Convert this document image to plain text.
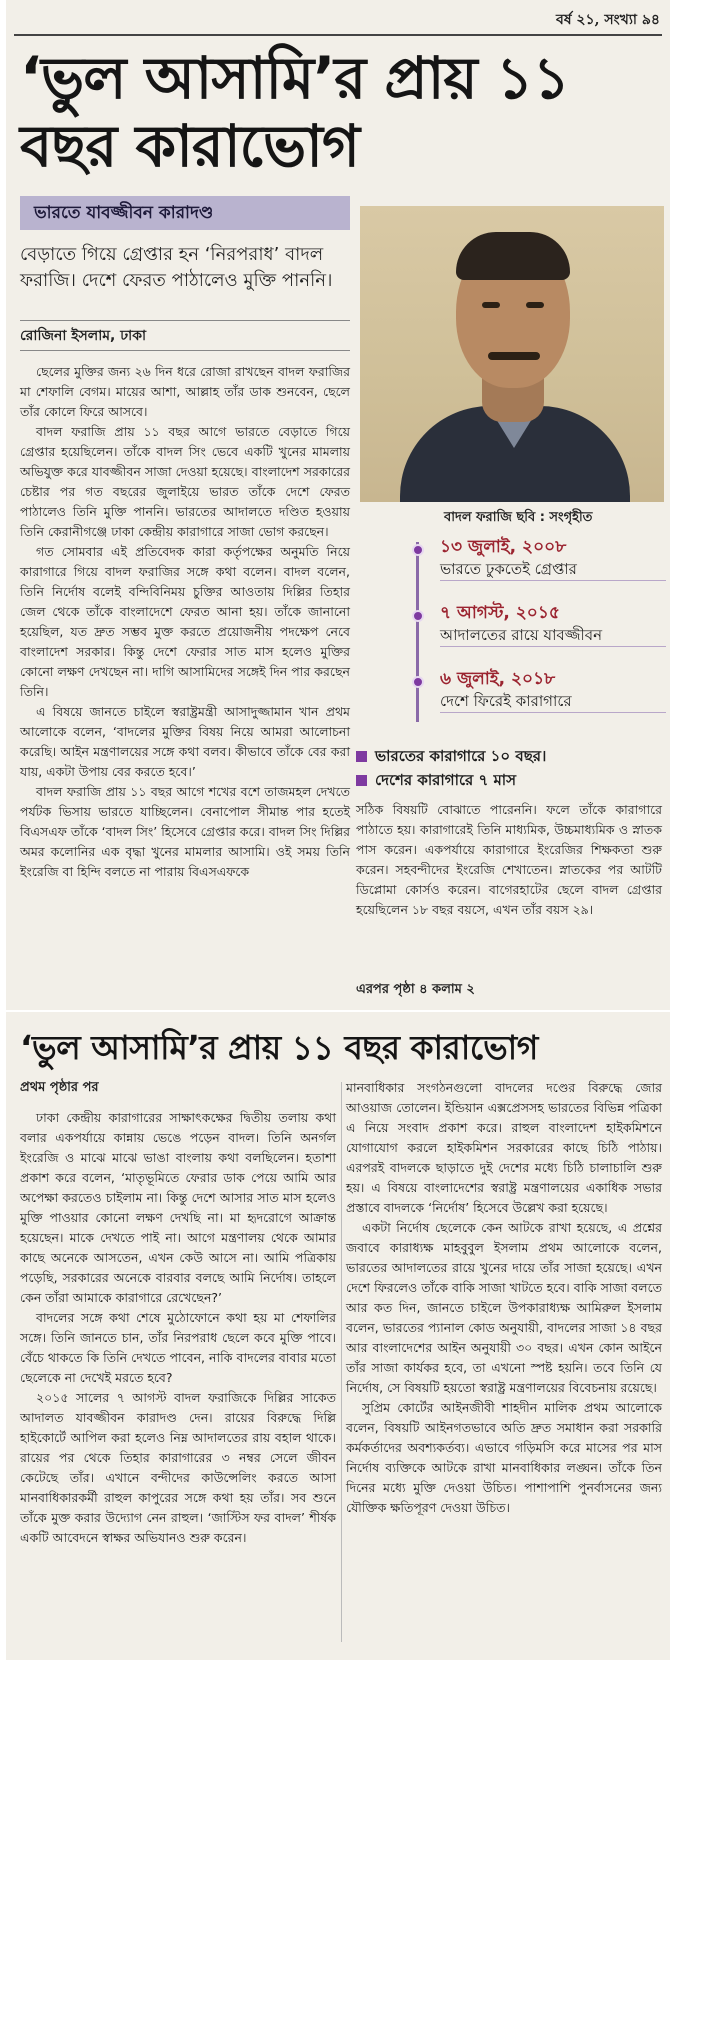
বর্ষ ২১, সংখ্যা ৯৪
‘ভুল আসামি’র প্রায় ১১ বছর কারাভোগ
ভারতে যাবজ্জীবন কারাদণ্ড
বেড়াতে গিয়ে গ্রেপ্তার হন ‘নিরপরাধ’ বাদল ফরাজি। দেশে ফেরত পাঠালেও মুক্তি পাননি।
রোজিনা ইসলাম, ঢাকা

ছেলের মুক্তির জন্য ২৬ দিন ধরে রোজা রাখছেন বাদল ফরাজির মা শেফালি বেগম। মায়ের আশা, আল্লাহ তাঁর ডাক শুনবেন, ছেলে তাঁর কোলে ফিরে আসবে।

বাদল ফরাজি প্রায় ১১ বছর আগে ভারতে বেড়াতে গিয়ে গ্রেপ্তার হয়েছিলেন। তাঁকে বাদল সিং ভেবে একটি খুনের মামলায় অভিযুক্ত করে যাবজ্জীবন সাজা দেওয়া হয়েছে। বাংলাদেশ সরকারের চেষ্টার পর গত বছরের জুলাইয়ে ভারত তাঁকে দেশে ফেরত পাঠালেও তিনি মুক্তি পাননি। ভারতের আদালতে দণ্ডিত হওয়ায় তিনি কেরানীগঞ্জে ঢাকা কেন্দ্রীয় কারাগারে সাজা ভোগ করছেন।

গত সোমবার এই প্রতিবেদক কারা কর্তৃপক্ষের অনুমতি নিয়ে কারাগারে গিয়ে বাদল ফরাজির সঙ্গে কথা বলেন। বাদল বলেন, তিনি নির্দোষ বলেই বন্দিবিনিময় চুক্তির আওতায় দিল্লির তিহার জেল থেকে তাঁকে বাংলাদেশে ফেরত আনা হয়। তাঁকে জানানো হয়েছিল, যত দ্রুত সম্ভব মুক্ত করতে প্রয়োজনীয় পদক্ষেপ নেবে বাংলাদেশ সরকার। কিন্তু দেশে ফেরার সাত মাস হলেও মুক্তির কোনো লক্ষণ দেখছেন না। দাগি আসামিদের সঙ্গেই দিন পার করছেন তিনি।

এ বিষয়ে জানতে চাইলে স্বরাষ্ট্রমন্ত্রী আসাদুজ্জামান খান প্রথম আলোকে বলেন, ‘বাদলের মুক্তির বিষয় নিয়ে আমরা আলোচনা করেছি। আইন মন্ত্রণালয়ের সঙ্গে কথা বলব। কীভাবে তাঁকে বের করা যায়, একটা উপায় বের করতে হবে।’

বাদল ফরাজি প্রায় ১১ বছর আগে শখের বশে তাজমহল দেখতে পর্যটক ভিসায় ভারতে যাচ্ছিলেন। বেনাপোল সীমান্ত পার হতেই বিএসএফ তাঁকে ‘বাদল সিং’ হিসেবে গ্রেপ্তার করে। বাদল সিং দিল্লির অমর কলোনির এক বৃদ্ধা খুনের মামলার আসামি। ওই সময় তিনি ইংরেজি বা হিন্দি বলতে না পারায় বিএসএফকে

বাদল ফরাজি ছবি : সংগৃহীত
১৩ জুলাই, ২০০৮
ভারতে ঢুকতেই গ্রেপ্তার
৭ আগস্ট, ২০১৫
আদালতের রায়ে যাবজ্জীবন
৬ জুলাই, ২০১৮
দেশে ফিরেই কারাগারে
ভারতের কারাগারে ১০ বছর।
দেশের কারাগারে ৭ মাস

সঠিক বিষয়টি বোঝাতে পারেননি। ফলে তাঁকে কারাগারে পাঠাতে হয়। কারাগারেই তিনি মাধ্যমিক, উচ্চমাধ্যমিক ও স্নাতক পাস করেন। একপর্যায়ে কারাগারে ইংরেজির শিক্ষকতা শুরু করেন। সহবন্দীদের ইংরেজি শেখাতেন। স্নাতকের পর আটটি ডিপ্লোমা কোর্সও করেন। বাগেরহাটের ছেলে বাদল গ্রেপ্তার হয়েছিলেন ১৮ বছর বয়সে, এখন তাঁর বয়স ২৯।

এরপর পৃষ্ঠা ৪ কলাম ২
‘ভুল আসামি’র প্রায় ১১ বছর কারাভোগ
প্রথম পৃষ্ঠার পর

ঢাকা কেন্দ্রীয় কারাগারের সাক্ষাৎকক্ষের দ্বিতীয় তলায় কথা বলার একপর্যায়ে কান্নায় ভেঙে পড়েন বাদল। তিনি অনর্গল ইংরেজি ও মাঝে মাঝে ভাঙা বাংলায় কথা বলছিলেন। হতাশা প্রকাশ করে বলেন, ‘মাতৃভূমিতে ফেরার ডাক পেয়ে আমি আর অপেক্ষা করতেও চাইলাম না। কিন্তু দেশে আসার সাত মাস হলেও মুক্তি পাওয়ার কোনো লক্ষণ দেখছি না। মা হৃদরোগে আক্রান্ত হয়েছেন। মাকে দেখতে পাই না। আগে মন্ত্রণালয় থেকে আমার কাছে অনেকে আসতেন, এখন কেউ আসে না। আমি পত্রিকায় পড়েছি, সরকারের অনেকে বারবার বলছে আমি নির্দোষ। তাহলে কেন তাঁরা আমাকে কারাগারে রেখেছেন?’

বাদলের সঙ্গে কথা শেষে মুঠোফোনে কথা হয় মা শেফালির সঙ্গে। তিনি জানতে চান, তাঁর নিরপরাধ ছেলে কবে মুক্তি পাবে। বেঁচে থাকতে কি তিনি দেখতে পাবেন, নাকি বাদলের বাবার মতো ছেলেকে না দেখেই মরতে হবে?

২০১৫ সালের ৭ আগস্ট বাদল ফরাজিকে দিল্লির সাকেত আদালত যাবজ্জীবন কারাদণ্ড দেন। রায়ের বিরুদ্ধে দিল্লি হাইকোর্টে আপিল করা হলেও নিম্ন আদালতের রায় বহাল থাকে। রায়ের পর থেকে তিহার কারাগারের ৩ নম্বর সেলে জীবন কেটেছে তাঁর। এখানে বন্দীদের কাউন্সেলিং করতে আসা মানবাধিকারকর্মী রাহুল কাপুরের সঙ্গে কথা হয় তাঁর। সব শুনে তাঁকে মুক্ত করার উদ্যোগ নেন রাহুল। ‘জাস্টিস ফর বাদল’ শীর্ষক একটি আবেদনে স্বাক্ষর অভিযানও শুরু করেন।

মানবাধিকার সংগঠনগুলো বাদলের দণ্ডের বিরুদ্ধে জোর আওয়াজ তোলেন। ইন্ডিয়ান এক্সপ্রেসসহ ভারতের বিভিন্ন পত্রিকা এ নিয়ে সংবাদ প্রকাশ করে। রাহুল বাংলাদেশ হাইকমিশনে যোগাযোগ করলে হাইকমিশন সরকারের কাছে চিঠি পাঠায়। এরপরই বাদলকে ছাড়াতে দুই দেশের মধ্যে চিঠি চালাচালি শুরু হয়। এ বিষয়ে বাংলাদেশের স্বরাষ্ট্র মন্ত্রণালয়ের একাধিক সভার প্রস্তাবে বাদলকে ‘নির্দোষ’ হিসেবে উল্লেখ করা হয়েছে।

একটা নির্দোষ ছেলেকে কেন আটকে রাখা হয়েছে, এ প্রশ্নের জবাবে কারাধ্যক্ষ মাহবুবুল ইসলাম প্রথম আলোকে বলেন, ভারতের আদালতের রায়ে খুনের দায়ে তাঁর সাজা হয়েছে। এখন দেশে ফিরলেও তাঁকে বাকি সাজা খাটতে হবে। বাকি সাজা বলতে আর কত দিন, জানতে চাইলে উপকারাধ্যক্ষ আমিরুল ইসলাম বলেন, ভারতের প্যানাল কোড অনুযায়ী, বাদলের সাজা ১৪ বছর আর বাংলাদেশের আইন অনুযায়ী ৩০ বছর। এখন কোন আইনে তাঁর সাজা কার্যকর হবে, তা এখনো স্পষ্ট হয়নি। তবে তিনি যে নির্দোষ, সে বিষয়টি হয়তো স্বরাষ্ট্র মন্ত্রণালয়ের বিবেচনায় রয়েছে।

সুপ্রিম কোর্টের আইনজীবী শাহদীন মালিক প্রথম আলোকে বলেন, বিষয়টি আইনগতভাবে অতি দ্রুত সমাধান করা সরকারি কর্মকর্তাদের অবশ্যকর্তব্য। এভাবে গড়িমসি করে মাসের পর মাস নির্দোষ ব্যক্তিকে আটকে রাখা মানবাধিকার লঙ্ঘন। তাঁকে তিন দিনের মধ্যে মুক্তি দেওয়া উচিত। পাশাপাশি পুনর্বাসনের জন্য যৌক্তিক ক্ষতিপূরণ দেওয়া উচিত।
